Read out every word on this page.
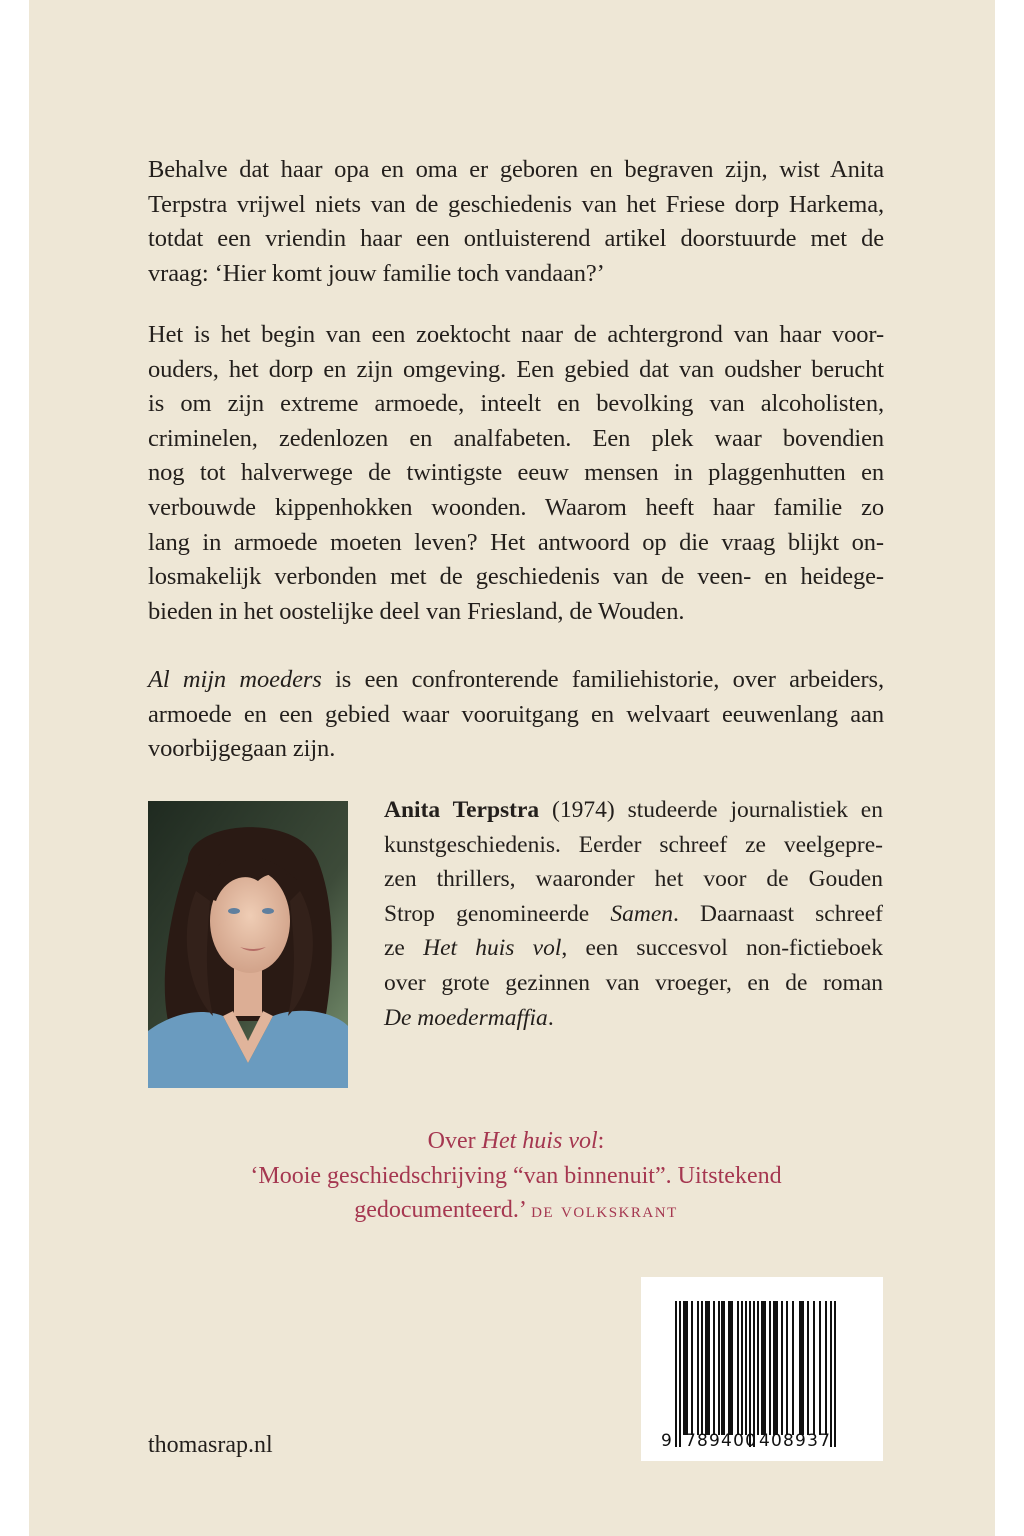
Behalve dat haar opa en oma er geboren en begraven zijn, wist Anita
Terpstra vrijwel niets van de geschiedenis van het Friese dorp Harkema,
totdat een vriendin haar een ontluisterend artikel doorstuurde met de
vraag: ‘Hier komt jouw familie toch vandaan?’

Het is het begin van een zoektocht naar de achtergrond van haar voor-
ouders, het dorp en zijn omgeving. Een gebied dat van oudsher berucht
is om zijn extreme armoede, inteelt en bevolking van alcoholisten,
criminelen, zedenlozen en analfabeten. Een plek waar bovendien
nog tot halverwege de twintigste eeuw mensen in plaggenhutten en
verbouwde kippenhokken woonden. Waarom heeft haar familie zo
lang in armoede moeten leven? Het antwoord op die vraag blijkt on-
losmakelijk verbonden met de geschiedenis van de veen- en heidege-
bieden in het oostelijke deel van Friesland, de Wouden.

Al mijn moeders is een confronterende familiehistorie, over arbeiders,
armoede en een gebied waar vooruitgang en welvaart eeuwenlang aan
voorbijgegaan zijn.

Anita Terpstra (1974) studeerde journalistiek en
kunstgeschiedenis. Eerder schreef ze veelgepre-
zen thrillers, waaronder het voor de Gouden
Strop genomineerde Samen. Daarnaast schreef
ze Het huis vol, een succesvol non-fictieboek
over grote gezinnen van vroeger, en de roman
De moedermaffia.

Over Het huis vol:
‘Mooie geschiedschrijving “van binnenuit”. Uitstekend
gedocumenteerd.’ de volkskrant

9 789400 408937

thomasrap.nl
